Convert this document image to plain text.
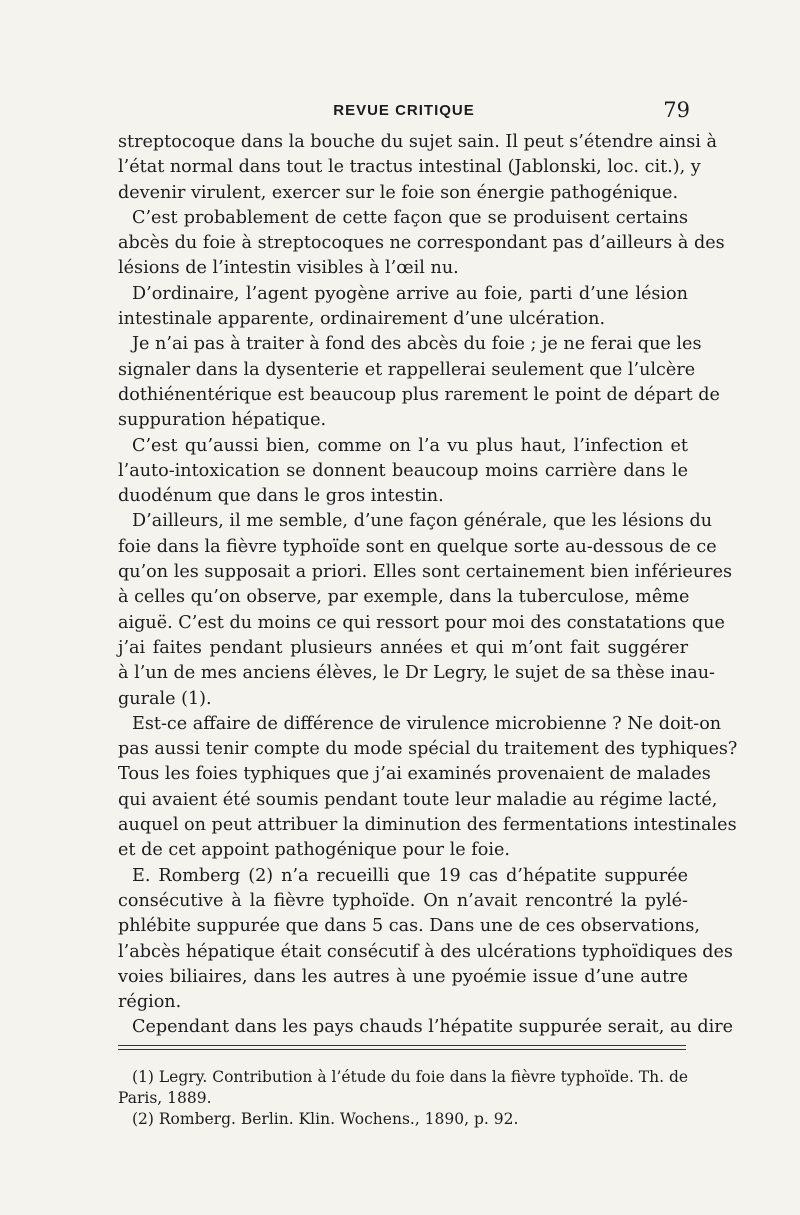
REVUE CRITIQUE	79
streptocoque dans la bouche du sujet sain. Il peut s’étendre ainsi à
l’état normal dans tout le tractus intestinal (Jablonski, loc. cit.), y
devenir virulent, exercer sur le foie son énergie pathogénique.
C’est probablement de cette façon que se produisent certains
abcès du foie à streptocoques ne correspondant pas d’ailleurs à des
lésions de l’intestin visibles à l’œil nu.
D’ordinaire, l’agent pyogène arrive au foie, parti d’une lésion
intestinale apparente, ordinairement d’une ulcération.
Je n’ai pas à traiter à fond des abcès du foie ; je ne ferai que les
signaler dans la dysenterie et rappellerai seulement que l’ulcère
dothiénentérique est beaucoup plus rarement le point de départ de
suppuration hépatique.
C’est qu’aussi bien, comme on l’a vu plus haut, l’infection et
l’auto-intoxication se donnent beaucoup moins carrière dans le
duodénum que dans le gros intestin.
D’ailleurs, il me semble, d’une façon générale, que les lésions du
foie dans la fièvre typhoïde sont en quelque sorte au-dessous de ce
qu’on les supposait a priori. Elles sont certainement bien inférieures
à celles qu’on observe, par exemple, dans la tuberculose, même
aiguë. C’est du moins ce qui ressort pour moi des constatations que
j’ai faites pendant plusieurs années et qui m’ont fait suggérer
à l’un de mes anciens élèves, le Dr Legry, le sujet de sa thèse inau-
gurale (1).
Est-ce affaire de différence de virulence microbienne ? Ne doit-on
pas aussi tenir compte du mode spécial du traitement des typhiques?
Tous les foies typhiques que j’ai examinés provenaient de malades
qui avaient été soumis pendant toute leur maladie au régime lacté,
auquel on peut attribuer la diminution des fermentations intestinales
et de cet appoint pathogénique pour le foie.
E. Romberg (2) n’a recueilli que 19 cas d’hépatite suppurée
consécutive à la fièvre typhoïde. On n’avait rencontré la pylé-
phlébite suppurée que dans 5 cas. Dans une de ces observations,
l’abcès hépatique était consécutif à des ulcérations typhoïdiques des
voies biliaires, dans les autres à une pyoémie issue d’une autre
région.
Cependant dans les pays chauds l’hépatite suppurée serait, au dire
(1) Legry. Contribution à l’étude du foie dans la fièvre typhoïde. Th. de
Paris, 1889.
(2) Romberg. Berlin. Klin. Wochens., 1890, p. 92.
